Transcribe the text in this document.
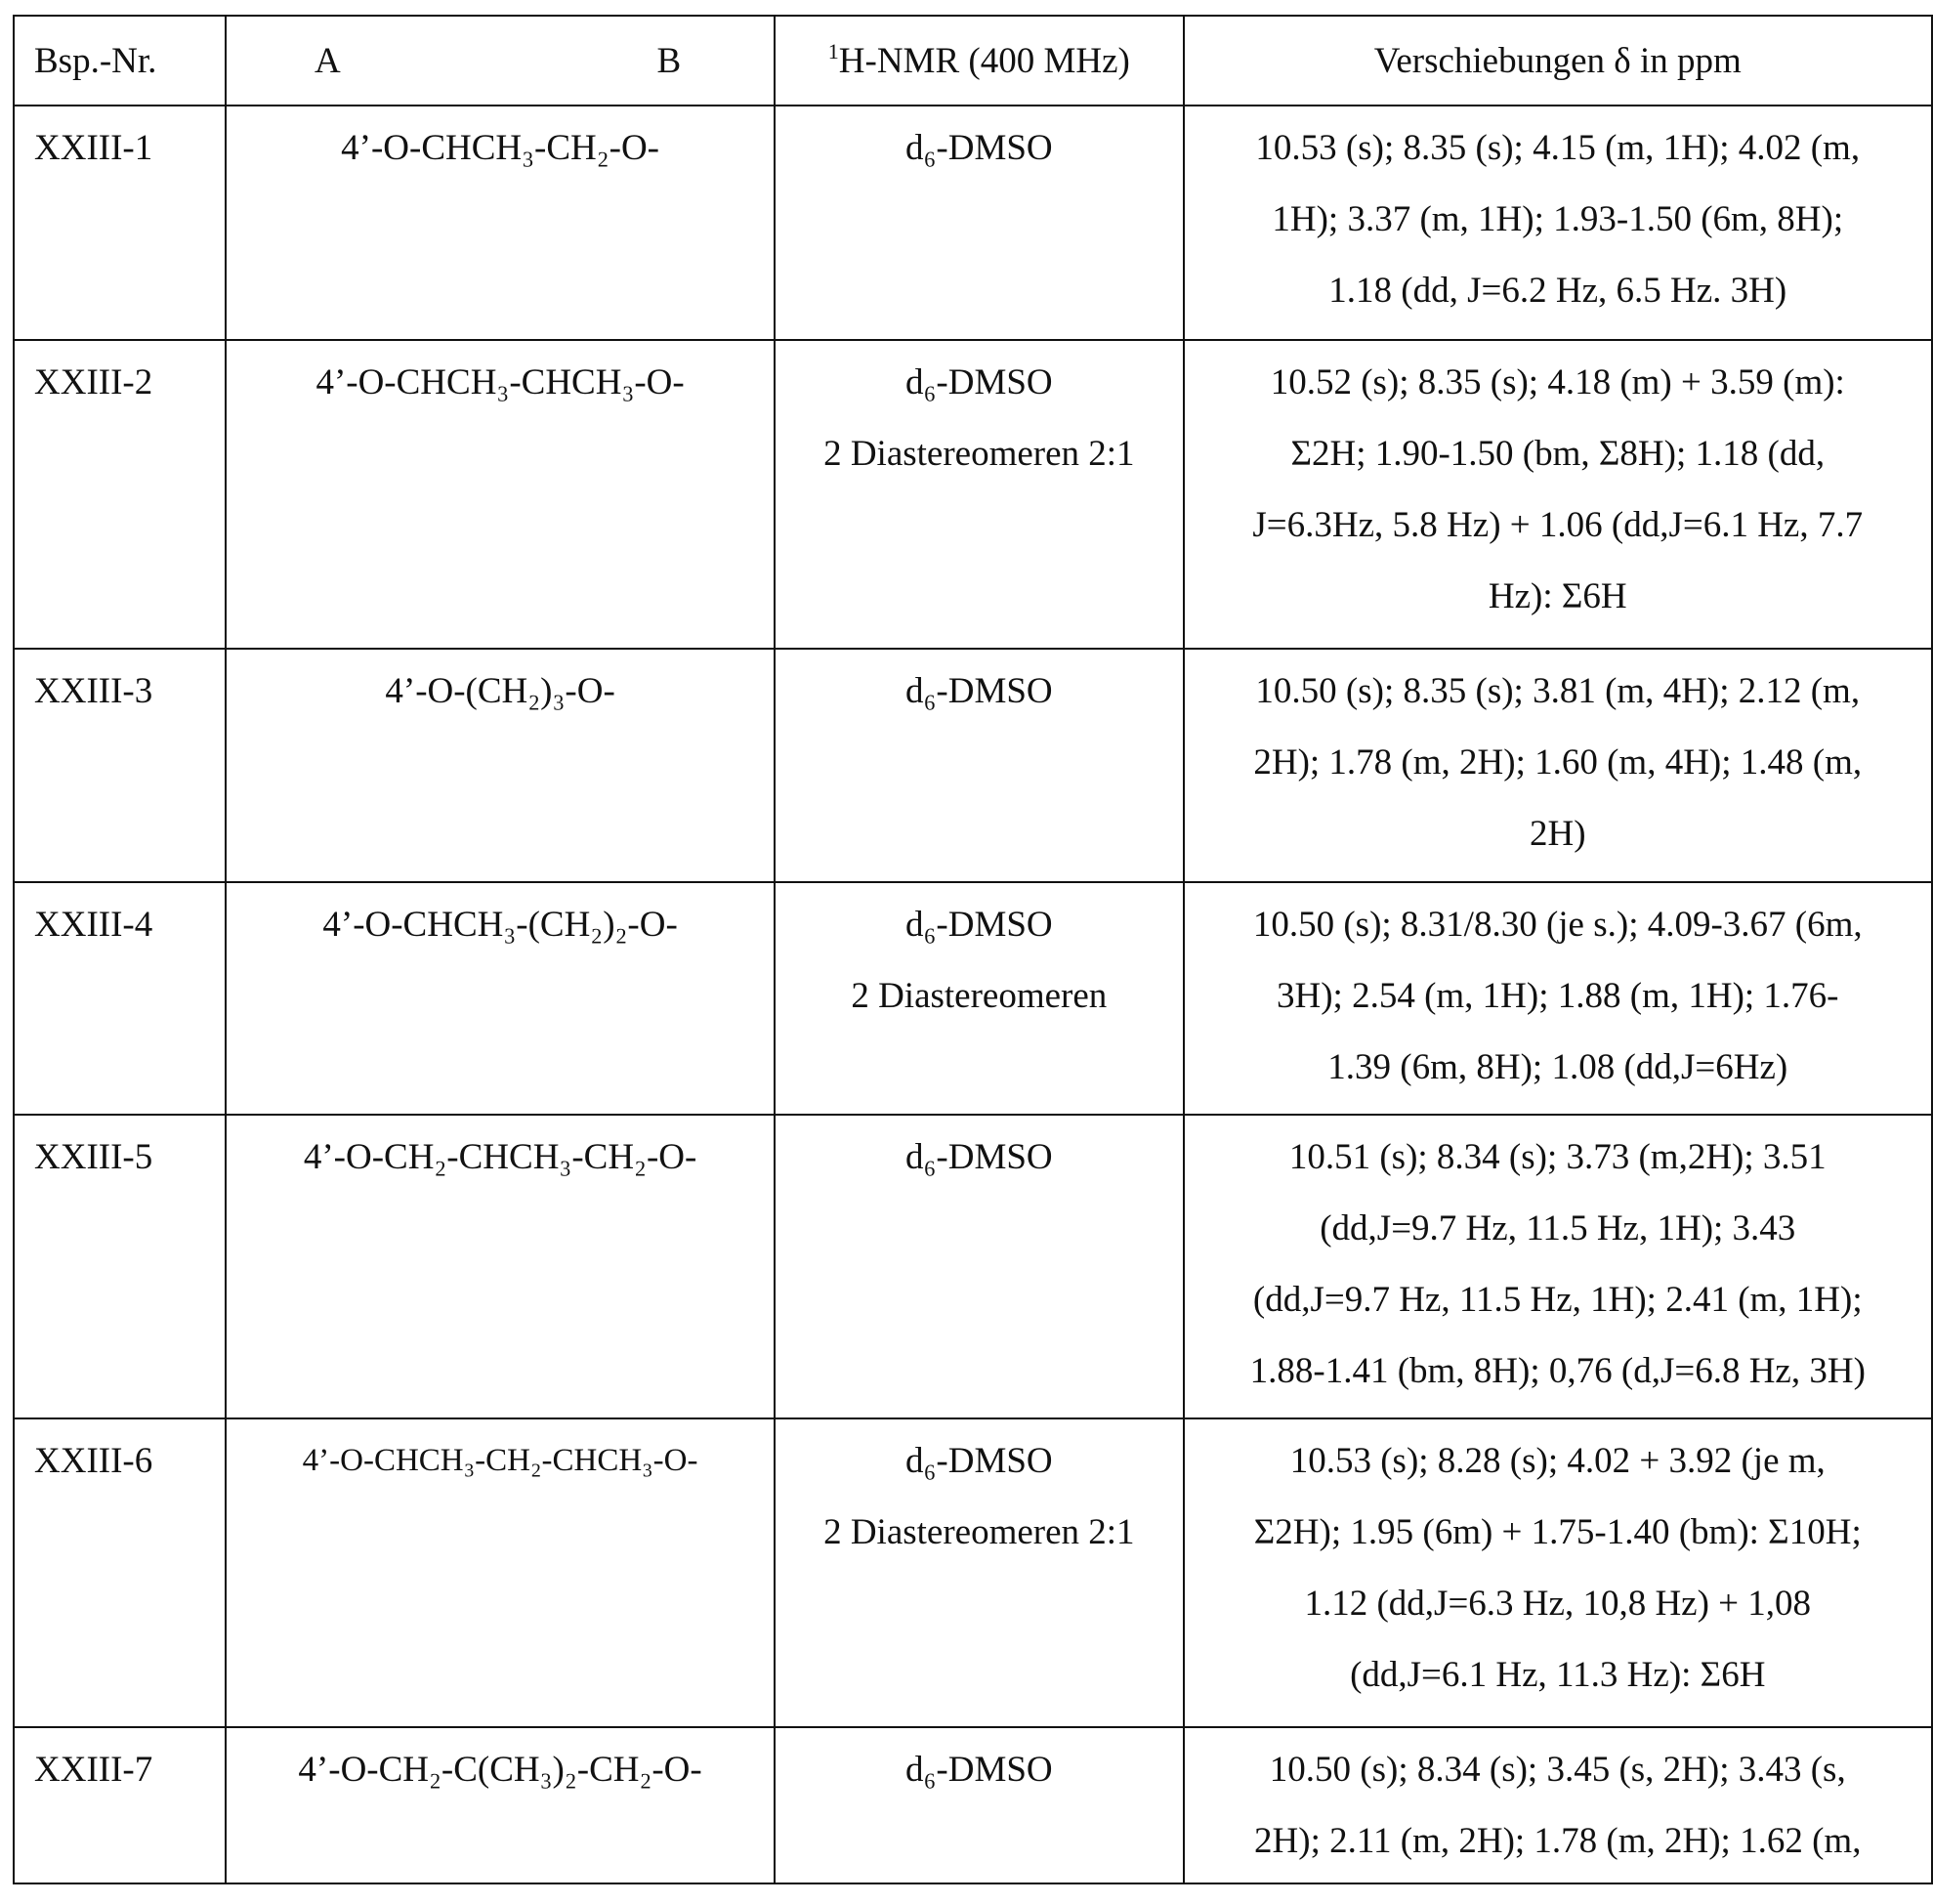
Bsp.-Nr.	A	B	1H-NMR (400 MHz)	Verschiebungen δ in ppm

XXIII-1	4’-O-CHCH₃-CH₂-O-	d₆-DMSO	10.53 (s); 8.35 (s); 4.15 (m, 1H); 4.02 (m,
1H); 3.37 (m, 1H); 1.93-1.50 (6m, 8H);
1.18 (dd, J=6.2 Hz, 6.5 Hz. 3H)

XXIII-2	4’-O-CHCH₃-CHCH₃-O-	d₆-DMSO
2 Diastereomeren 2:1

10.52 (s); 8.35 (s); 4.18 (m) + 3.59 (m):
Σ2H; 1.90-1.50 (bm, Σ8H); 1.18 (dd,
J=6.3Hz, 5.8 Hz) + 1.06 (dd,J=6.1 Hz, 7.7
Hz): Σ6H

XXIII-3	4’-O-(CH₂)₃-O-	d₆-DMSO	10.50 (s); 8.35 (s); 3.81 (m, 4H); 2.12 (m,
2H); 1.78 (m, 2H); 1.60 (m, 4H); 1.48 (m,
2H)

XXIII-4	4’-O-CHCH₃-(CH₂)₂-O-	d₆-DMSO
2 Diastereomeren

10.50 (s); 8.31/8.30 (je s.); 4.09-3.67 (6m,
3H); 2.54 (m, 1H); 1.88 (m, 1H); 1.76-
1.39 (6m, 8H); 1.08 (dd,J=6Hz)

XXIII-5	4’-O-CH₂-CHCH₃-CH₂-O-	d₆-DMSO	10.51 (s); 8.34 (s); 3.73 (m,2H); 3.51
(dd,J=9.7 Hz, 11.5 Hz, 1H); 3.43
(dd,J=9.7 Hz, 11.5 Hz, 1H); 2.41 (m, 1H);
1.88-1.41 (bm, 8H); 0,76 (d,J=6.8 Hz, 3H)

XXIII-6	4’-O-CHCH₃-CH₂-CHCH₃-O-	d₆-DMSO
2 Diastereomeren 2:1

10.53 (s); 8.28 (s); 4.02 + 3.92 (je m,
Σ2H); 1.95 (6m) + 1.75-1.40 (bm): Σ10H;
1.12 (dd,J=6.3 Hz, 10,8 Hz) + 1,08
(dd,J=6.1 Hz, 11.3 Hz): Σ6H

XXIII-7	4’-O-CH₂-C(CH₃)₂-CH₂-O-	d₆-DMSO	10.50 (s); 8.34 (s); 3.45 (s, 2H); 3.43 (s,
2H); 2.11 (m, 2H); 1.78 (m, 2H); 1.62 (m,
